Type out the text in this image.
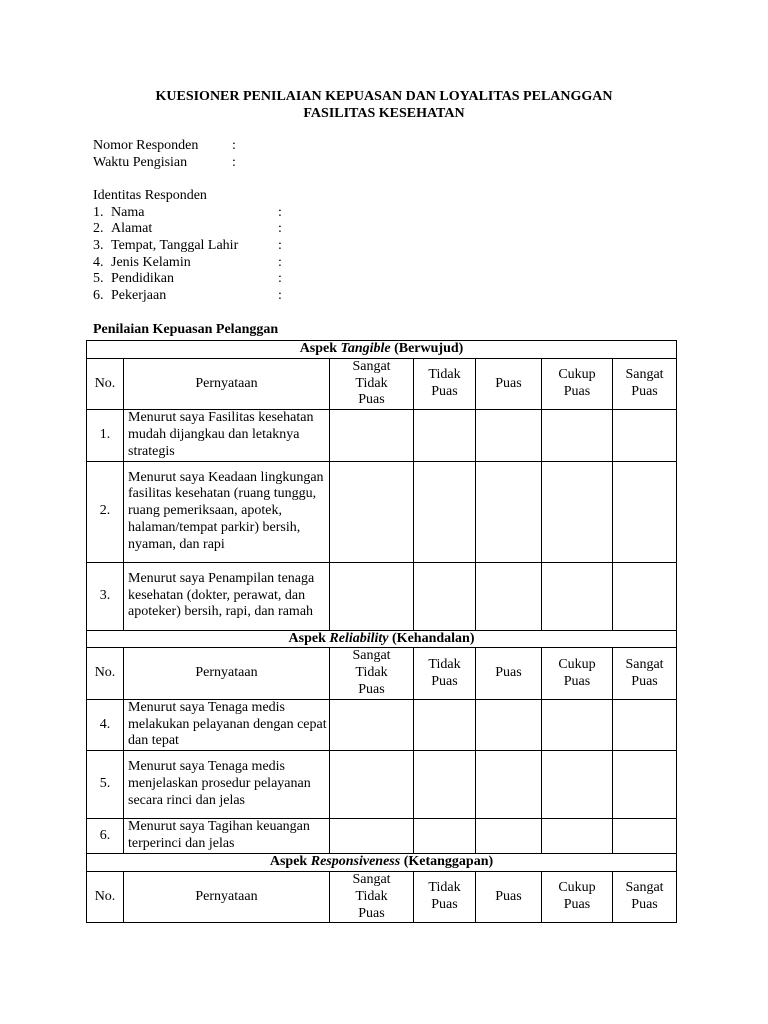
KUESIONER PENILAIAN KEPUASAN DAN LOYALITAS PELANGGAN
FASILITAS KESEHATAN
Nomor Responden :
Waktu Pengisian	:
Identitas Responden
1. Nama	:
2. Alamat	:
3. Tempat, Tanggal Lahir	:
4. Jenis Kelamin	:
5. Pendidikan	:
6. Pekerjaan	:
Penilaian Kepuasan Pelanggan
Aspek Tangible (Berwujud)						
No.	Pernyataan	Sangat Tidak Puas	Tidak Puas	Puas	Cukup Puas	Sangat Puas
1.	Menurut saya Fasilitas kesehatan mudah dijangkau dan letaknya strategis					
2.	Menurut saya Keadaan lingkungan fasilitas kesehatan (ruang tunggu, ruang pemeriksaan, apotek, halaman/tempat parkir) bersih, nyaman, dan rapi					
3.	Menurut saya Penampilan tenaga kesehatan (dokter, perawat, dan apoteker) bersih, rapi, dan ramah					
Aspek Reliability (Kehandalan)						
No.	Pernyataan	Sangat Tidak Puas	Tidak Puas	Puas	Cukup Puas	Sangat Puas
4.	Menurut saya Tenaga medis melakukan pelayanan dengan cepat dan tepat					
5.	Menurut saya Tenaga medis menjelaskan prosedur pelayanan secara rinci dan jelas					
6.	Menurut saya Tagihan keuangan terperinci dan jelas					
Aspek Responsiveness (Ketanggapan)						
No.	Pernyataan	Sangat Tidak Puas	Tidak Puas	Puas	Cukup Puas	Sangat Puas
